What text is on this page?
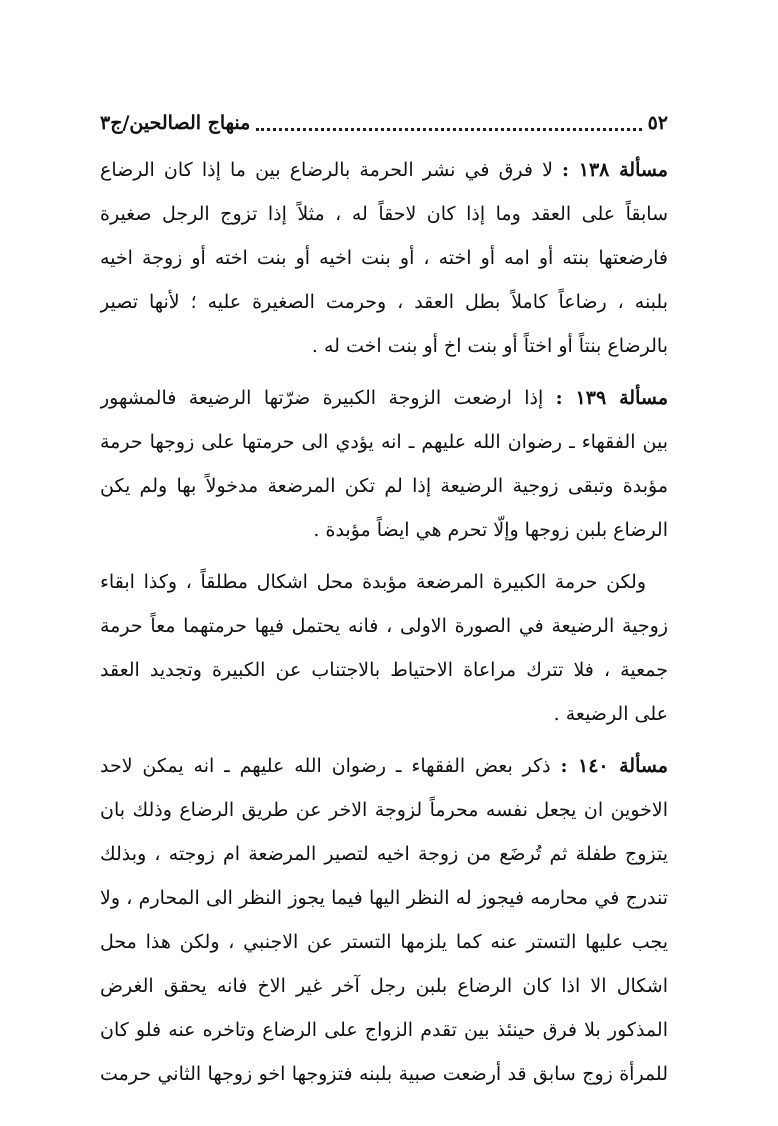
٥٢
منهاج الصالحين/ج٣
مسألة ١٣٨ : لا فرق في نشر الحرمة بالرضاع بين ما إذا كان الرضاع
سابقاً على العقد وما إذا كان لاحقاً له ، مثلاً إذا تزوج الرجل صغيرة
فارضعتها بنته أو امه أو اخته ، أو بنت اخيه أو بنت اخته أو زوجة اخيه
بلبنه ، رضاعاً كاملاً بطل العقد ، وحرمت الصغيرة عليه ؛ لأنها تصير
بالرضاع بنتاً أو اختاً أو بنت اخ أو بنت اخت له .
مسألة ١٣٩ : إذا ارضعت الزوجة الكبيرة ضرّتها الرضيعة فالمشهور
بين الفقهاء ـ رضوان الله عليهم ـ انه يؤدي الى حرمتها على زوجها حرمة
مؤبدة وتبقى زوجية الرضيعة إذا لم تكن المرضعة مدخولاً بها ولم يكن
الرضاع بلبن زوجها وإلّا تحرم هي ايضاً مؤبدة .
ولكن حرمة الكبيرة المرضعة مؤبدة محل اشكال مطلقاً ، وكذا ابقاء
زوجية الرضيعة في الصورة الاولى ، فانه يحتمل فيها حرمتهما معاً حرمة
جمعية ، فلا تترك مراعاة الاحتياط بالاجتناب عن الكبيرة وتجديد العقد
على الرضيعة .
مسألة ١٤٠ : ذكر بعض الفقهاء ـ رضوان الله عليهم ـ انه يمكن لاحد
الاخوين ان يجعل نفسه محرماً لزوجة الاخر عن طريق الرضاع وذلك بان
يتزوج طفلة ثم تُرضَع من زوجة اخيه لتصير المرضعة ام زوجته ، وبذلك
تندرج في محارمه فيجوز له النظر اليها فيما يجوز النظر الى المحارم ، ولا
يجب عليها التستر عنه كما يلزمها التستر عن الاجنبي ، ولكن هذا محل
اشكال الا اذا كان الرضاع بلبن رجل آخر غير الاخ فانه يحقق الغرض
المذكور بلا فرق حينئذ بين تقدم الزواج على الرضاع وتاخره عنه فلو كان
للمرأة زوج سابق قد أرضعت صبية بلبنه فتزوجها اخو زوجها الثاني حرمت
